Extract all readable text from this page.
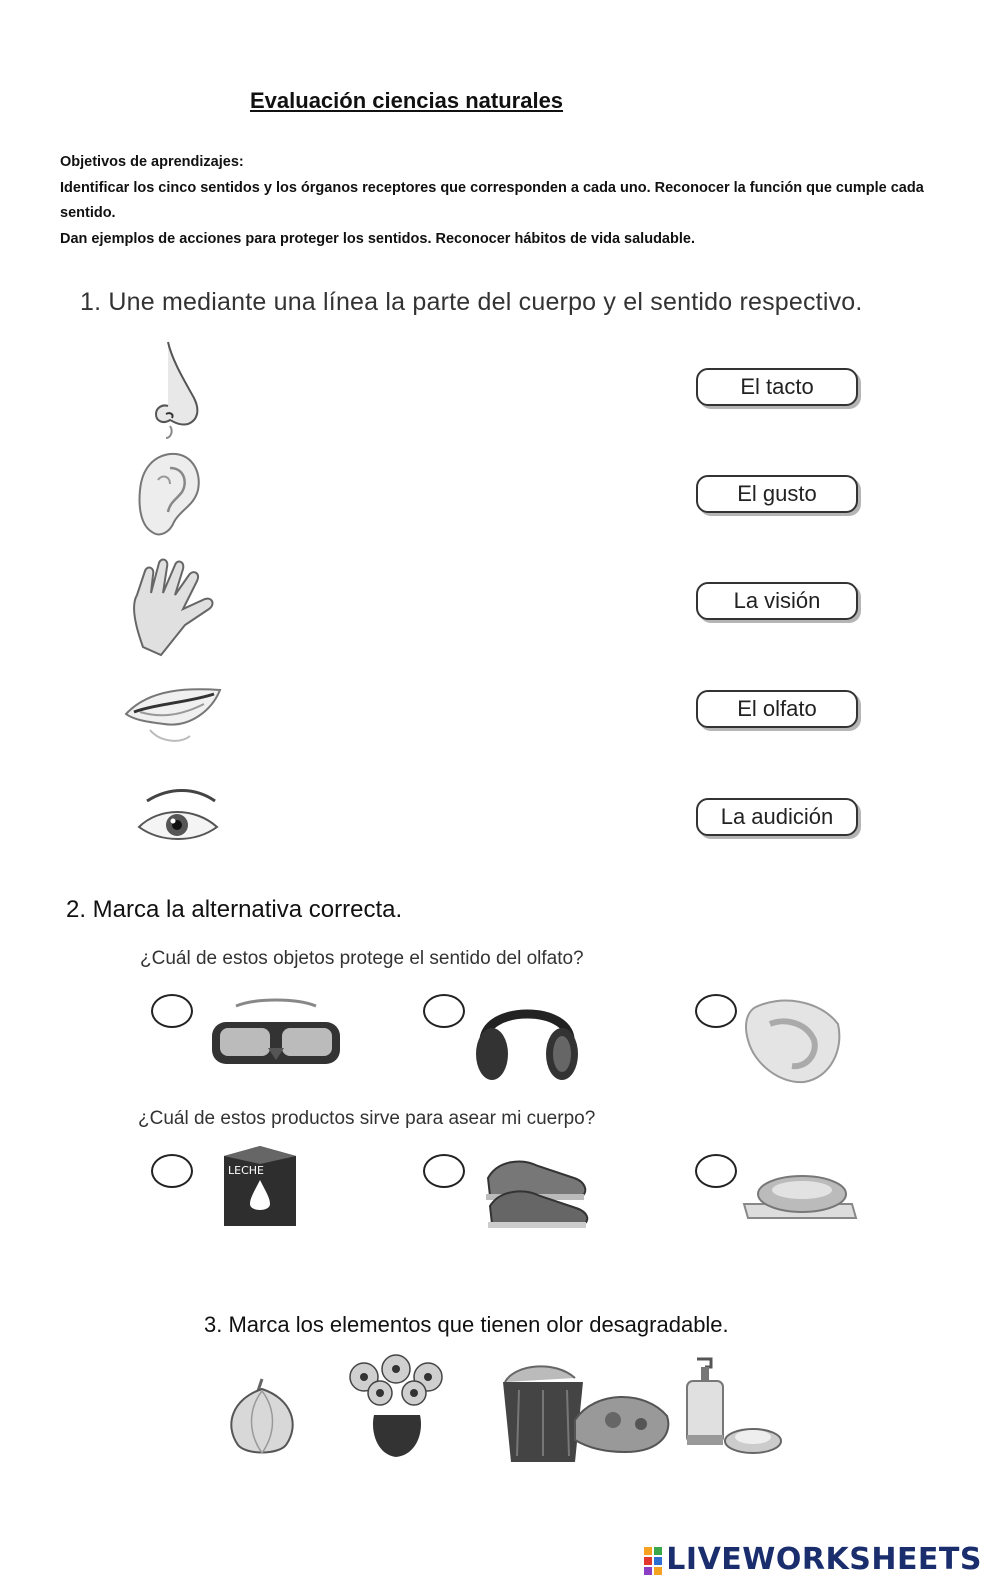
Evaluación ciencias naturales

Objetivos de aprendizajes:

Identificar los cinco sentidos y los órganos receptores que corresponden a cada uno. Reconocer la función que cumple cada sentido.

Dan ejemplos de acciones para proteger los sentidos. Reconocer hábitos de vida saludable.

1. Une mediante una línea la parte del cuerpo y el sentido respectivo.
El tacto
El gusto
La visión
El olfato
La audición
2. Marca la alternativa correcta.
¿Cuál de estos objetos protege el sentido del olfato?
¿Cuál de estos productos sirve para asear mi cuerpo?
LECHE
3. Marca los elementos que tienen olor desagradable.
LIVEWORKSHEETS
